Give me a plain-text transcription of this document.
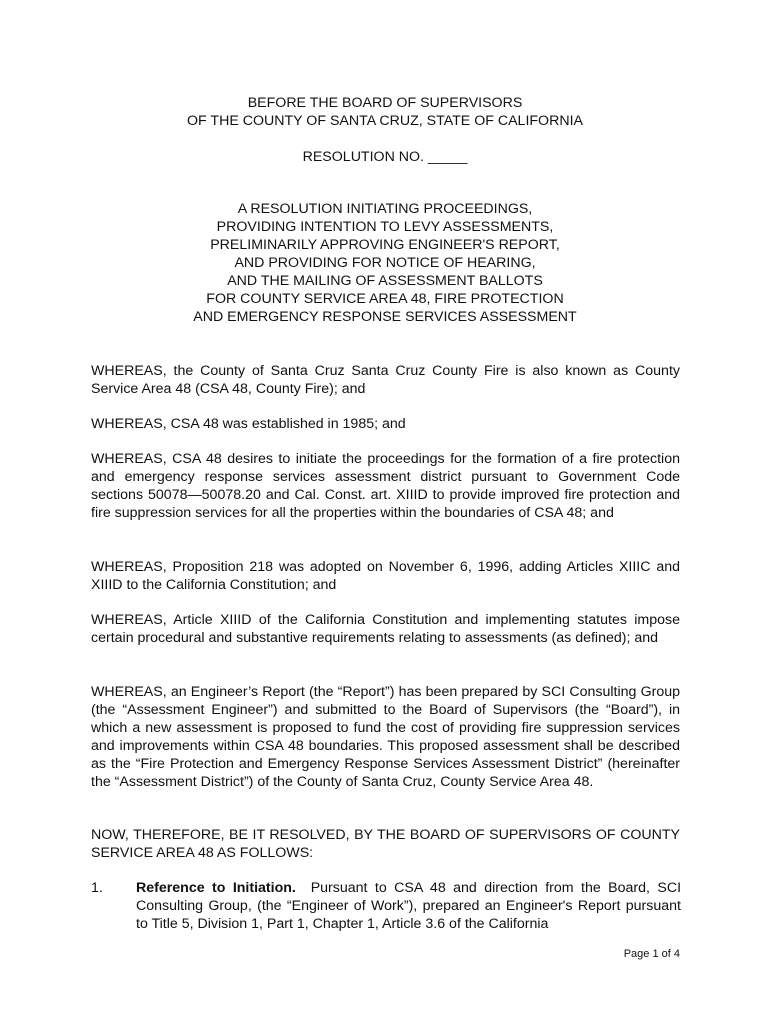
BEFORE THE BOARD OF SUPERVISORS
OF THE COUNTY OF SANTA CRUZ, STATE OF CALIFORNIA
RESOLUTION NO. _____
A RESOLUTION INITIATING PROCEEDINGS,
PROVIDING INTENTION TO LEVY ASSESSMENTS,
PRELIMINARILY APPROVING ENGINEER'S REPORT,
AND PROVIDING FOR NOTICE OF HEARING,
AND THE MAILING OF ASSESSMENT BALLOTS
FOR COUNTY SERVICE AREA 48, FIRE PROTECTION
AND EMERGENCY RESPONSE SERVICES ASSESSMENT

WHEREAS, the County of Santa Cruz Santa Cruz County Fire is also known as County Service Area 48 (CSA 48, County Fire); and

WHEREAS, CSA 48 was established in 1985; and

WHEREAS, CSA 48 desires to initiate the proceedings for the formation of a fire protection and emergency response services assessment district pursuant to Government Code sections 50078—50078.20 and Cal. Const. art. XIIID to provide improved fire protection and fire suppression services for all the properties within the boundaries of CSA 48; and

WHEREAS, Proposition 218 was adopted on November 6, 1996, adding Articles XIIIC and XIIID to the California Constitution; and

WHEREAS, Article XIIID of the California Constitution and implementing statutes impose certain procedural and substantive requirements relating to assessments (as defined); and

WHEREAS, an Engineer’s Report (the “Report”) has been prepared by SCI Consulting Group (the “Assessment Engineer”) and submitted to the Board of Supervisors (the “Board”), in which a new assessment is proposed to fund the cost of providing fire suppression services and improvements within CSA 48 boundaries. This proposed assessment shall be described as the “Fire Protection and Emergency Response Services Assessment District” (hereinafter the “Assessment District”) of the County of Santa Cruz, County Service Area 48.

NOW, THEREFORE, BE IT RESOLVED, BY THE BOARD OF SUPERVISORS OF COUNTY SERVICE AREA 48 AS FOLLOWS:

1. Reference to Initiation. Pursuant to CSA 48 and direction from the Board, SCI Consulting Group, (the “Engineer of Work”), prepared an Engineer's Report pursuant to Title 5, Division 1, Part 1, Chapter 1, Article 3.6 of the California
Page 1 of 4
